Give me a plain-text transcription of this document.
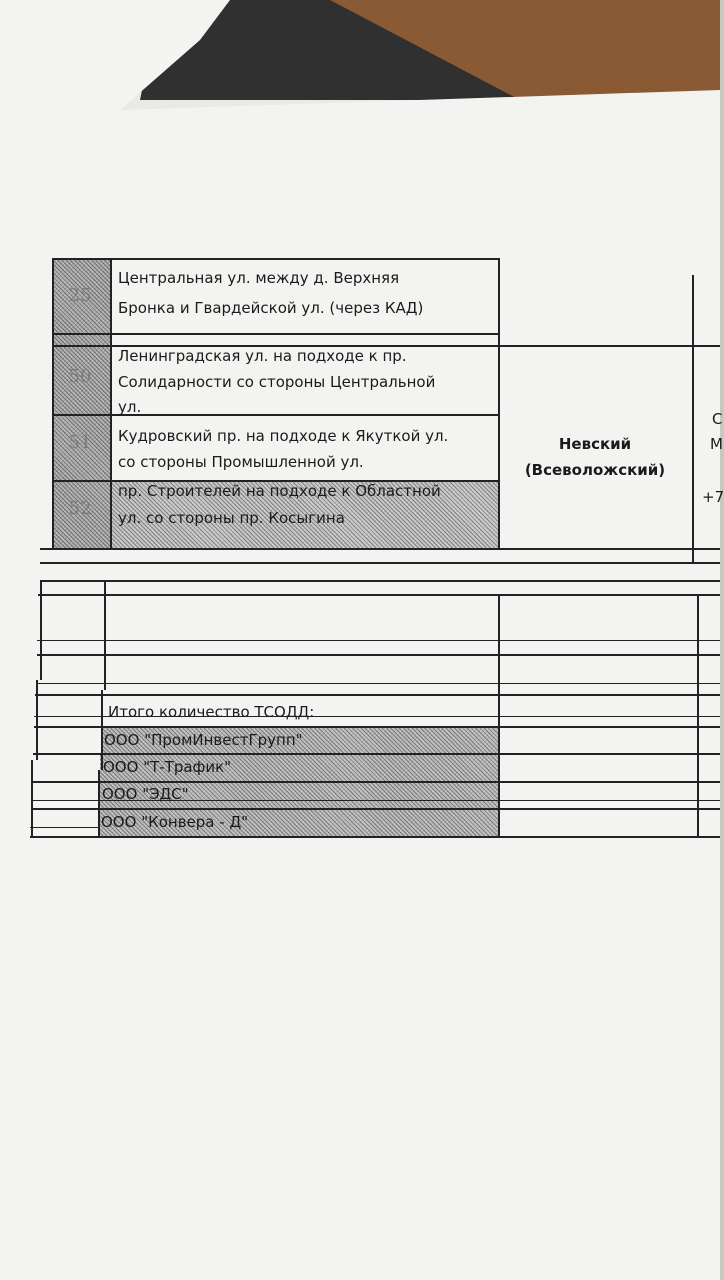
25
50
51
52
Центральная ул. между д. Верхняя
Бронка и Гвардейской ул. (через КАД)
Ленинградская ул. на подходе к пр.
Солидарности со стороны Центральной
ул.
Кудровский пр. на подходе к Якуткой ул.
со стороны Промышленной ул.
пр. Строителей на подходе к Областной
ул. со стороны пр. Косыгина
Невский
(Всеволожский)
С
М
+7
Итого количество ТСОДД:
ООО "ПромИнвестГрупп"
ООО "Т-Трафик"
ООО "ЭДС"
ООО "Конвера - Д"
